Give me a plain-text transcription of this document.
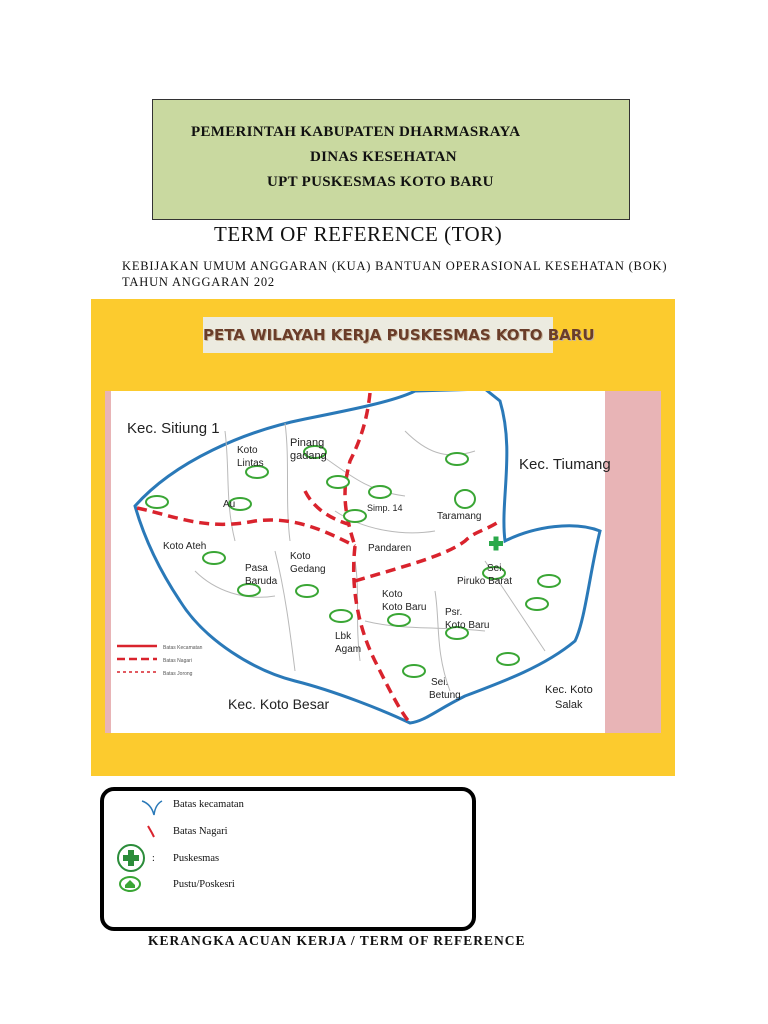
PEMERINTAH KABUPATEN DHARMASRAYA
DINAS KESEHATAN
UPT PUSKESMAS KOTO BARU
TERM OF REFERENCE (TOR)
KEBIJAKAN UMUM ANGGARAN (KUA) BANTUAN OPERASIONAL KESEHATAN (BOK)
TAHUN ANGGARAN 202
PETA WILAYAH KERJA PUSKESMAS KOTO BARU
Batas Kecamatan
Batas Nagari
Batas Jorong
Kec. Sitiung 1
Kec. Tiumang
Kec. Koto Besar
Kec. Koto
Salak
Koto
Lintas
Pinang
gadang
Koto Ateh
Pasa
Baruda
Koto
Gedang
Lbk
Agam
Pandaren
Koto
Koto Baru
Taramang
Sei.
Piruko Barat
Psr.
Koto Baru
Sei.
Betung
Simp. 14
Au
Batas kecamatan
Batas Nagari
: Puskesmas
Pustu/Poskesri
KERANGKA ACUAN KERJA / TERM OF REFERENCE
